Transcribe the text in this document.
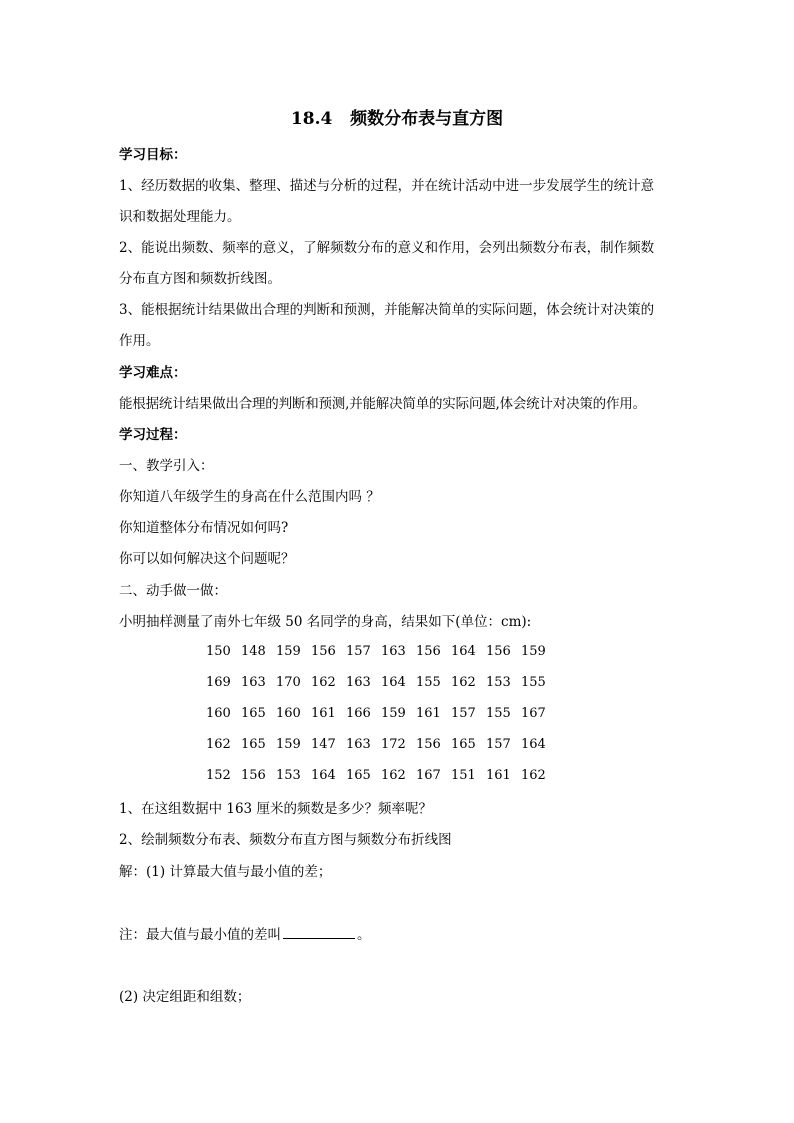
18.4   频数分布表与直方图
学习目标：
1、经历数据的收集、整理、描述与分析的过程，并在统计活动中进一步发展学生的统计意
识和数据处理能力。
2、能说出频数、频率的意义，了解频数分布的意义和作用，会列出频数分布表，制作频数
分布直方图和频数折线图。
3、能根据统计结果做出合理的判断和预测，并能解决简单的实际问题，体会统计对决策的
作用。
学习难点：
能根据统计结果做出合理的判断和预测,并能解决简单的实际问题,体会统计对决策的作用。
学习过程：
一、教学引入：
你知道八年级学生的身高在什么范围内吗 ？
你知道整体分布情况如何吗?
你可以如何解决这个问题呢？
二、动手做一做：
小明抽样测量了南外七年级 50 名同学的身高，结果如下(单位：cm):
150	148	159	156	157	163	156	164	156	159
169	163	170	162	163	164	155	162	153	155
160	165	160	161	166	159	161	157	155	167
162	165	159	147	163	172	156	165	157	164
152	156	153	164	165	162	167	151	161	162
1、在这组数据中 163 厘米的频数是多少？频率呢？
2、绘制频数分布表、频数分布直方图与频数分布折线图
解：(1) 计算最大值与最小值的差；
注：最大值与最小值的差叫	。
(2) 决定组距和组数；
